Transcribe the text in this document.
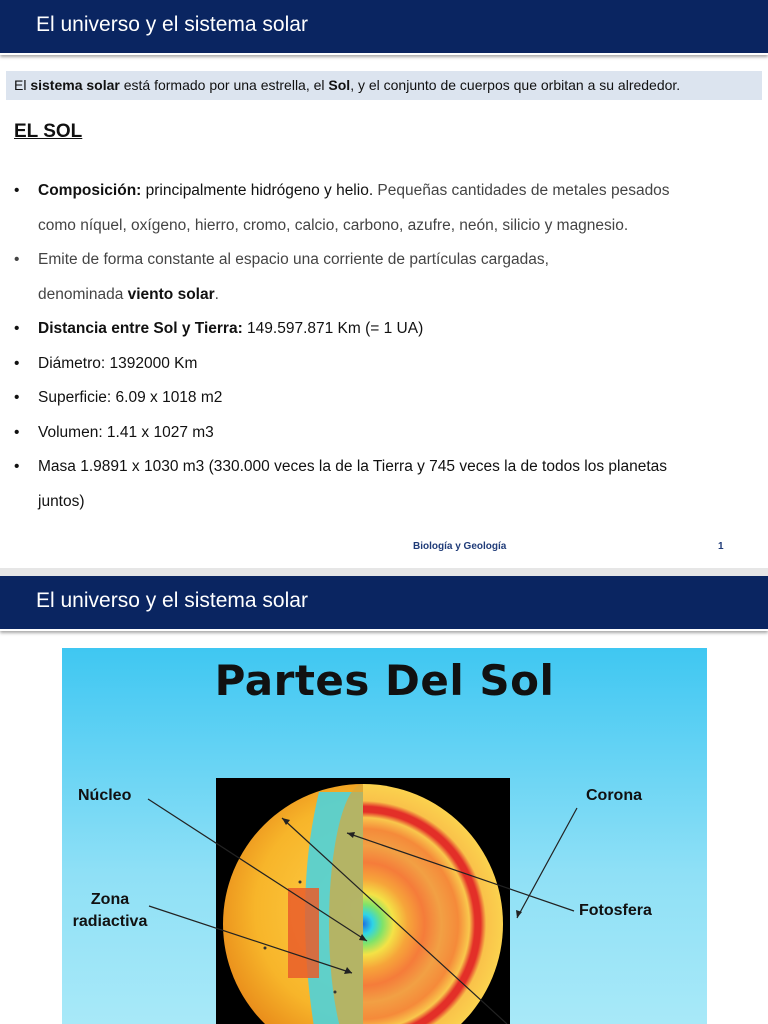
El universo y el sistema solar
El sistema solar está formado por una estrella, el Sol, y el conjunto de cuerpos que orbitan a su alrededor.
EL SOL
• Composición: principalmente hidrógeno y helio. Pequeñas cantidades de metales pesados
como níquel, oxígeno, hierro, cromo, calcio, carbono, azufre, neón, silicio y magnesio.
• Emite de forma constante al espacio una corriente de partículas cargadas,
denominada viento solar.
• Distancia entre Sol y Tierra: 149.597.871 Km (= 1 UA)
• Diámetro: 1392000 Km
• Superficie: 6.09 x 1018 m2
• Volumen: 1.41 x 1027 m3
• Masa 1.9891 x 1030 m3 (330.000 veces la de la Tierra y 745 veces la de todos los planetas
juntos)
Biología y Geología	1
El universo y el sistema solar
Partes Del Sol
Núcleo
Zona
radiactiva
Corona
Fotosfera
